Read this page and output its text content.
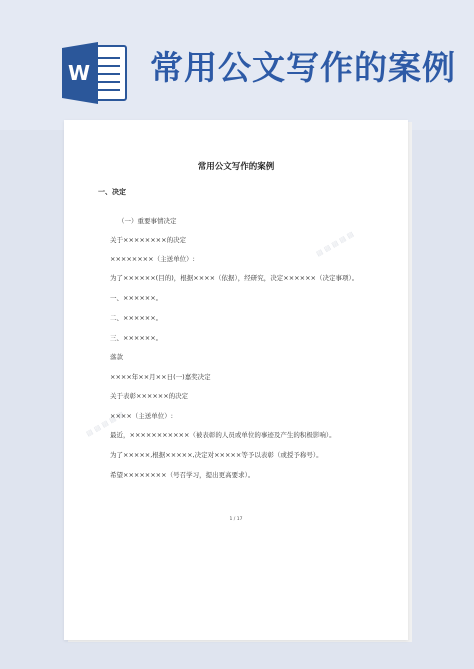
W 常用公文写作的案例
▤ ▤ ▤ ▤ ▤
▤ ▤ ▤ ▤ ▤
常用公文写作的案例
一、决定
（一）重要事情决定
关于××××××××的决定
××××××××（主送单位）:
为了××××××(目的)，根据××××（依据），经研究，决定××××××（决定事项）。
一、××××××。
二、××××××。
三、××××××。
落款
××××年××月××日(一)嘉奖决定
关于表彰××××××的决定
××××（主送单位）:
最近，×××××××××××（被表彰的人员或单位的事迹及产生的积极影响）。
为了×××××,根据×××××,决定对×××××等予以表彰（或授予称号）。
希望××××××××（号召学习，提出更高要求）。
1 / 17
